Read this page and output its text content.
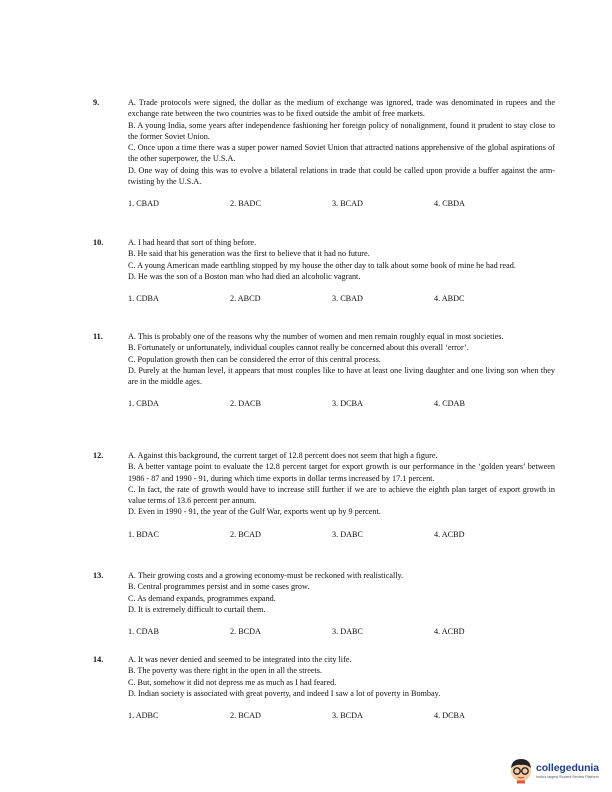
9.	A. Trade protocols were signed, the dollar as the medium of exchange was ignored, trade was denominated in rupees and the exchange rate between the two countries was to be fixed outside the ambit of free markets.

B. A young India, some years after independence fashioning her foreign policy of nonalignment, found it prudent to stay close to the former Soviet Union.

C. Once upon a time there was a super power named Soviet Union that attracted nations apprehensive of the global aspirations of the other superpower, the U.S.A.

D. One way of doing this was to evolve a bilateral relations in trade that could be called upon provide a buffer against the arm-twisting by the U.S.A.

1. CBAD	2. BADC	3. BCAD	4. CBDA
10.	A. I had heard that sort of thing before.

B. He said that his generation was the first to believe that it had no future.

C. A young American made earthling stopped by my house the other day to talk about some book of mine he had read.

D. He was the son of a Boston man who had died an alcoholic vagrant.

1. CDBA	2. ABCD	3. CBAD	4. ABDC
11.	A. This is probably one of the reasons why the number of women and men remain roughly equal in most societies.

B. Fortunately or unfortunately, individual couples cannot really be concerned about this overall ‘error’.

C. Population growth then can be considered the error of this central process.

D. Purely at the human level, it appears that most couples like to have at least one living daughter and one living son when they are in the middle ages.

1. CBDA	2. DACB	3. DCBA	4. CDAB
12.	A. Against this background, the current target of 12.8 percent does not seem that high a figure.

B. A better vantage point to evaluate the 12.8 percent target for export growth is our performance in the ‘golden years’ between 1986 - 87 and 1990 - 91, during which time exports in dollar terms increased by 17.1 percent.

C. In fact, the rate of growth would have to increase still further if we are to achieve the eighth plan target of export growth in value terms of 13.6 percent per annum.

D. Even in 1990 - 91, the year of the Gulf War, exports went up by 9 percent.

1. BDAC	2. BCAD	3. DABC	4. ACBD
13.	A. Their growing costs and a growing economy-must be reckoned with realistically.

B. Central programmes persist and in some cases grow.

C. As demand expands, programmes expand.

D. It is extremely difficult to curtail them.

1. CDAB	2. BCDA	3. DABC	4. ACBD
14.	A. It was never denied and seemed to be integrated into the city life.

B. The poverty was there right in the open in all the streets.

C. But, somehow it did not depress me as much as I had feared.

D. Indian society is associated with great poverty, and indeed I saw a lot of poverty in Bombay.

1. ADBC	2. BCAD	3. BCDA	4. DCBA
collegedunia
India's largest Student Review Platform
